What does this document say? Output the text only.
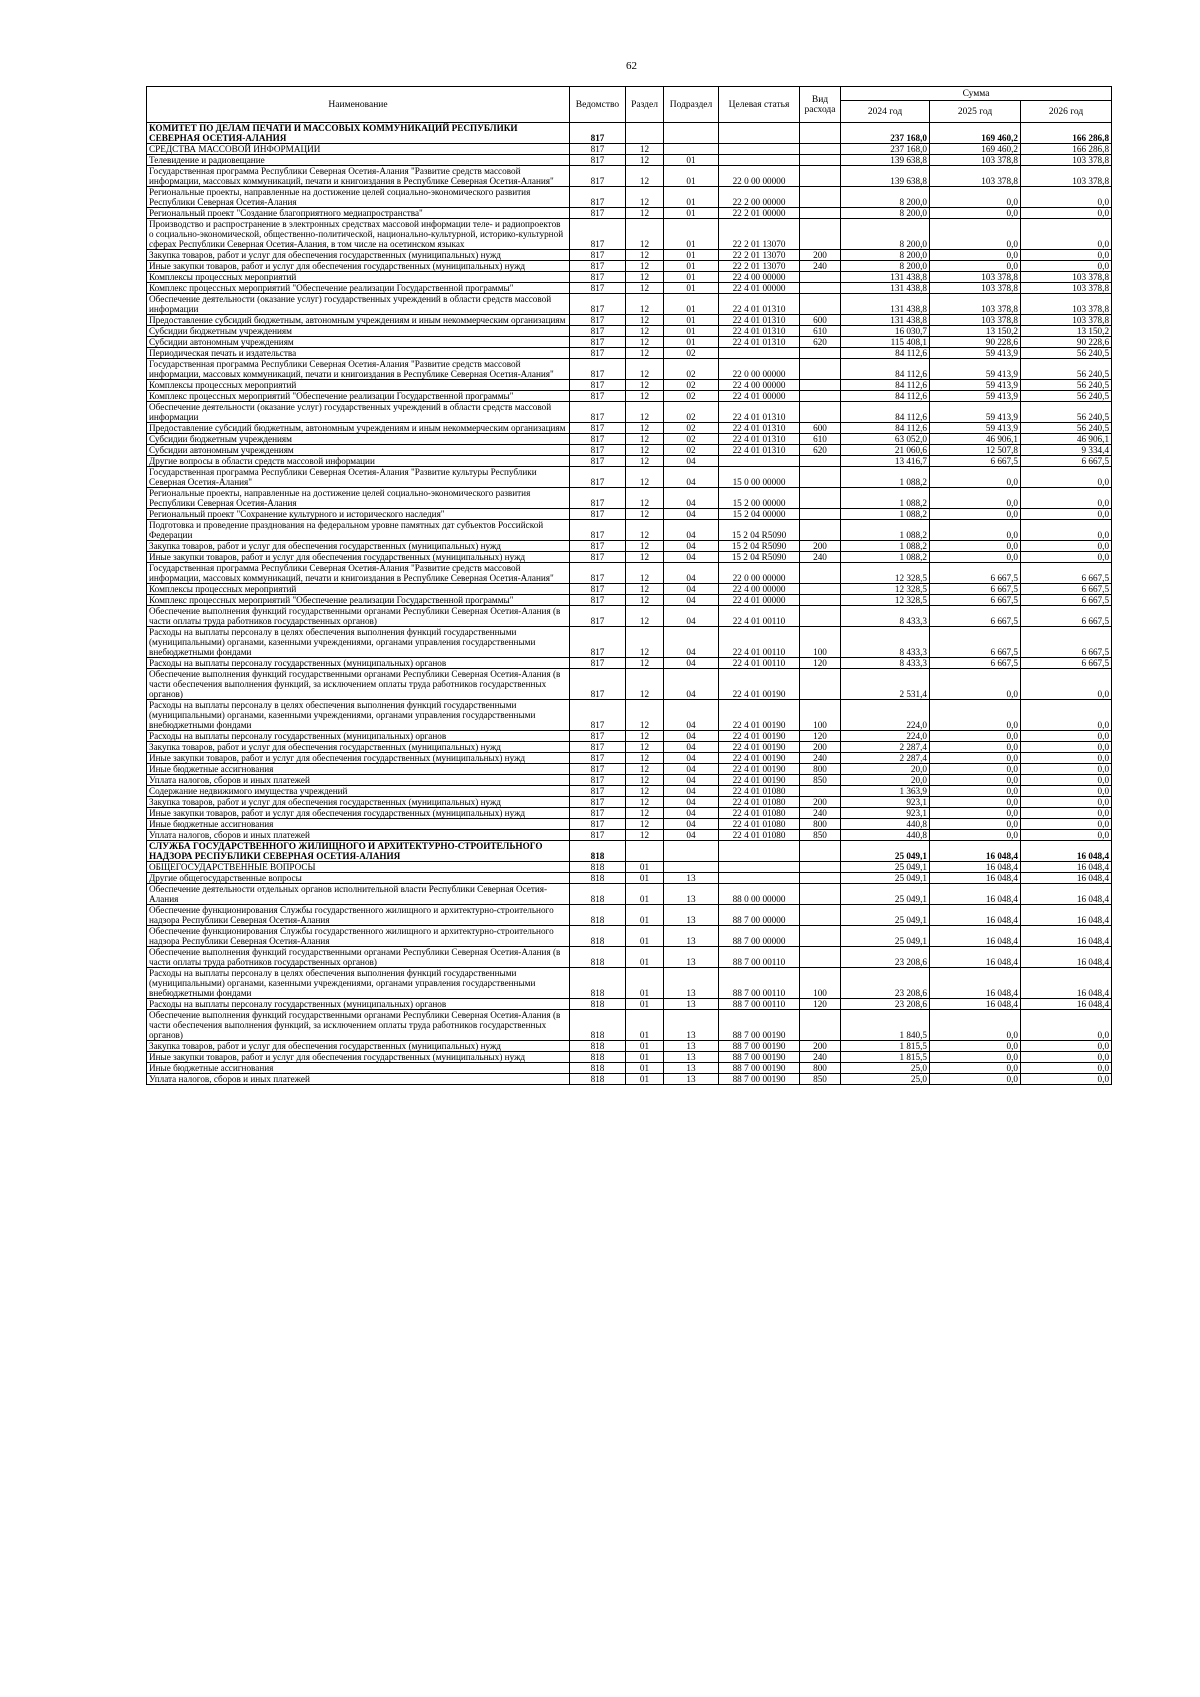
62
Наименование	Ведомство	Раздел	Подраздел	Целевая статья	Вид расхода	Сумма		
						2024 год	2025 год	2026 год
КОМИТЕТ ПО ДЕЛАМ ПЕЧАТИ И МАССОВЫХ КОММУНИКАЦИЙ РЕСПУБЛИКИ СЕВЕРНАЯ ОСЕТИЯ-АЛАНИЯ	817					237 168,0	169 460,2	166 286,8
СРЕДСТВА МАССОВОЙ ИНФОРМАЦИИ	817	12				237 168,0	169 460,2	166 286,8
Телевидение и радиовещание	817	12	01			139 638,8	103 378,8	103 378,8
Государственная программа Республики Северная Осетия-Алания "Развитие средств массовой информации, массовых коммуникаций, печати и книгоиздания в Республике Северная Осетия-Алания"	817	12	01	22 0 00 00000		139 638,8	103 378,8	103 378,8
Региональные проекты, направленные на достижение целей социально-экономического развития Республики Северная Осетия-Алания	817	12	01	22 2 00 00000		8 200,0	0,0	0,0
Региональный проект "Создание благоприятного медиапространства"	817	12	01	22 2 01 00000		8 200,0	0,0	0,0
Производство и распространение в электронных средствах массовой информации теле- и радиопроектов о социально-экономической, общественно-политической, национально-культурной, историко-культурной сферах Республики Северная Осетия-Алания, в том числе на осетинском языках	817	12	01	22 2 01 13070		8 200,0	0,0	0,0
Закупка товаров, работ и услуг для обеспечения государственных (муниципальных) нужд	817	12	01	22 2 01 13070	200	8 200,0	0,0	0,0
Иные закупки товаров, работ и услуг для обеспечения государственных (муниципальных) нужд	817	12	01	22 2 01 13070	240	8 200,0	0,0	0,0
Комплексы процессных мероприятий	817	12	01	22 4 00 00000		131 438,8	103 378,8	103 378,8
Комплекс процессных мероприятий "Обеспечение реализации Государственной программы"	817	12	01	22 4 01 00000		131 438,8	103 378,8	103 378,8
Обеспечение деятельности (оказание услуг) государственных учреждений в области средств массовой информации	817	12	01	22 4 01 01310		131 438,8	103 378,8	103 378,8
Предоставление субсидий бюджетным, автономным учреждениям и иным некоммерческим организациям	817	12	01	22 4 01 01310	600	131 438,8	103 378,8	103 378,8
Субсидии бюджетным учреждениям	817	12	01	22 4 01 01310	610	16 030,7	13 150,2	13 150,2
Субсидии автономным учреждениям	817	12	01	22 4 01 01310	620	115 408,1	90 228,6	90 228,6
Периодическая печать и издательства	817	12	02			84 112,6	59 413,9	56 240,5
Государственная программа Республики Северная Осетия-Алания "Развитие средств массовой информации, массовых коммуникаций, печати и книгоиздания в Республике Северная Осетия-Алания"	817	12	02	22 0 00 00000		84 112,6	59 413,9	56 240,5
Комплексы процессных мероприятий	817	12	02	22 4 00 00000		84 112,6	59 413,9	56 240,5
Комплекс процессных мероприятий "Обеспечение реализации Государственной программы"	817	12	02	22 4 01 00000		84 112,6	59 413,9	56 240,5
Обеспечение деятельности (оказание услуг) государственных учреждений в области средств массовой информации	817	12	02	22 4 01 01310		84 112,6	59 413,9	56 240,5
Предоставление субсидий бюджетным, автономным учреждениям и иным некоммерческим организациям	817	12	02	22 4 01 01310	600	84 112,6	59 413,9	56 240,5
Субсидии бюджетным учреждениям	817	12	02	22 4 01 01310	610	63 052,0	46 906,1	46 906,1
Субсидии автономным учреждениям	817	12	02	22 4 01 01310	620	21 060,6	12 507,8	9 334,4
Другие вопросы в области средств массовой информации	817	12	04			13 416,7	6 667,5	6 667,5
Государственная программа Республики Северная Осетия-Алания "Развитие культуры Республики Северная Осетия-Алания"	817	12	04	15 0 00 00000		1 088,2	0,0	0,0
Региональные проекты, направленные на достижение целей социально-экономического развития Республики Северная Осетия-Алания	817	12	04	15 2 00 00000		1 088,2	0,0	0,0
Региональный проект "Сохранение культурного и исторического наследия"	817	12	04	15 2 04 00000		1 088,2	0,0	0,0
Подготовка и проведение празднования на федеральном уровне памятных дат субъектов Российской Федерации	817	12	04	15 2 04 R5090		1 088,2	0,0	0,0
Закупка товаров, работ и услуг для обеспечения государственных (муниципальных) нужд	817	12	04	15 2 04 R5090	200	1 088,2	0,0	0,0
Иные закупки товаров, работ и услуг для обеспечения государственных (муниципальных) нужд	817	12	04	15 2 04 R5090	240	1 088,2	0,0	0,0
Государственная программа Республики Северная Осетия-Алания "Развитие средств массовой информации, массовых коммуникаций, печати и книгоиздания в Республике Северная Осетия-Алания"	817	12	04	22 0 00 00000		12 328,5	6 667,5	6 667,5
Комплексы процессных мероприятий	817	12	04	22 4 00 00000		12 328,5	6 667,5	6 667,5
Комплекс процессных мероприятий "Обеспечение реализации Государственной программы"	817	12	04	22 4 01 00000		12 328,5	6 667,5	6 667,5
Обеспечение выполнения функций государственными органами Республики Северная Осетия-Алания (в части оплаты труда работников государственных органов)	817	12	04	22 4 01 00110		8 433,3	6 667,5	6 667,5
Расходы на выплаты персоналу в целях обеспечения выполнения функций государственными (муниципальными) органами, казенными учреждениями, органами управления государственными внебюджетными фондами	817	12	04	22 4 01 00110	100	8 433,3	6 667,5	6 667,5
Расходы на выплаты персоналу государственных (муниципальных) органов	817	12	04	22 4 01 00110	120	8 433,3	6 667,5	6 667,5
Обеспечение выполнения функций государственными органами Республики Северная Осетия-Алания (в части обеспечения выполнения функций, за исключением оплаты труда работников государственных органов)	817	12	04	22 4 01 00190		2 531,4	0,0	0,0
Расходы на выплаты персоналу в целях обеспечения выполнения функций государственными (муниципальными) органами, казенными учреждениями, органами управления государственными внебюджетными фондами	817	12	04	22 4 01 00190	100	224,0	0,0	0,0
Расходы на выплаты персоналу государственных (муниципальных) органов	817	12	04	22 4 01 00190	120	224,0	0,0	0,0
Закупка товаров, работ и услуг для обеспечения государственных (муниципальных) нужд	817	12	04	22 4 01 00190	200	2 287,4	0,0	0,0
Иные закупки товаров, работ и услуг для обеспечения государственных (муниципальных) нужд	817	12	04	22 4 01 00190	240	2 287,4	0,0	0,0
Иные бюджетные ассигнования	817	12	04	22 4 01 00190	800	20,0	0,0	0,0
Уплата налогов, сборов и иных платежей	817	12	04	22 4 01 00190	850	20,0	0,0	0,0
Содержание недвижимого имущества учреждений	817	12	04	22 4 01 01080		1 363,9	0,0	0,0
Закупка товаров, работ и услуг для обеспечения государственных (муниципальных) нужд	817	12	04	22 4 01 01080	200	923,1	0,0	0,0
Иные закупки товаров, работ и услуг для обеспечения государственных (муниципальных) нужд	817	12	04	22 4 01 01080	240	923,1	0,0	0,0
Иные бюджетные ассигнования	817	12	04	22 4 01 01080	800	440,8	0,0	0,0
Уплата налогов, сборов и иных платежей	817	12	04	22 4 01 01080	850	440,8	0,0	0,0
СЛУЖБА ГОСУДАРСТВЕННОГО ЖИЛИЩНОГО И АРХИТЕКТУРНО-СТРОИТЕЛЬНОГО НАДЗОРА РЕСПУБЛИКИ СЕВЕРНАЯ ОСЕТИЯ-АЛАНИЯ	818					25 049,1	16 048,4	16 048,4
ОБЩЕГОСУДАРСТВЕННЫЕ ВОПРОСЫ	818	01				25 049,1	16 048,4	16 048,4
Другие общегосударственные вопросы	818	01	13			25 049,1	16 048,4	16 048,4
Обеспечение деятельности отдельных органов исполнительной власти Республики Северная Осетия-Алания	818	01	13	88 0 00 00000		25 049,1	16 048,4	16 048,4
Обеспечение функционирования Службы государственного жилищного и архитектурно-строительного надзора Республики Северная Осетия-Алания	818	01	13	88 7 00 00000		25 049,1	16 048,4	16 048,4
Обеспечение функционирования Службы государственного жилищного и архитектурно-строительного надзора Республики Северная Осетия-Алания	818	01	13	88 7 00 00000		25 049,1	16 048,4	16 048,4
Обеспечение выполнения функций государственными органами Республики Северная Осетия-Алания (в части оплаты труда работников государственных органов)	818	01	13	88 7 00 00110		23 208,6	16 048,4	16 048,4
Расходы на выплаты персоналу в целях обеспечения выполнения функций государственными (муниципальными) органами, казенными учреждениями, органами управления государственными внебюджетными фондами	818	01	13	88 7 00 00110	100	23 208,6	16 048,4	16 048,4
Расходы на выплаты персоналу государственных (муниципальных) органов	818	01	13	88 7 00 00110	120	23 208,6	16 048,4	16 048,4
Обеспечение выполнения функций государственными органами Республики Северная Осетия-Алания (в части обеспечения выполнения функций, за исключением оплаты труда работников государственных органов)	818	01	13	88 7 00 00190		1 840,5	0,0	0,0
Закупка товаров, работ и услуг для обеспечения государственных (муниципальных) нужд	818	01	13	88 7 00 00190	200	1 815,5	0,0	0,0
Иные закупки товаров, работ и услуг для обеспечения государственных (муниципальных) нужд	818	01	13	88 7 00 00190	240	1 815,5	0,0	0,0
Иные бюджетные ассигнования	818	01	13	88 7 00 00190	800	25,0	0,0	0,0
Уплата налогов, сборов и иных платежей	818	01	13	88 7 00 00190	850	25,0	0,0	0,0
